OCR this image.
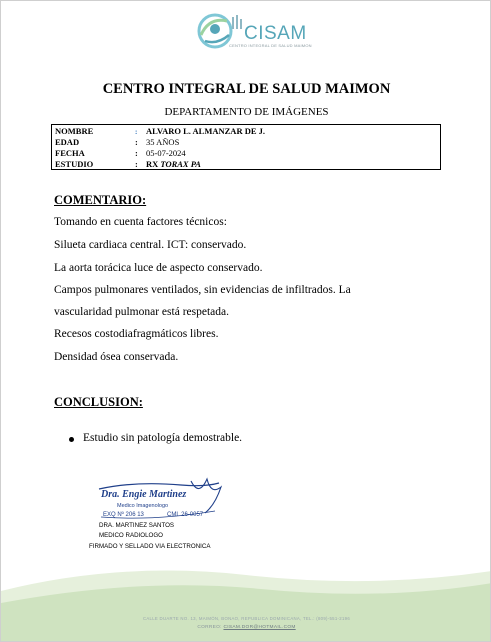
CISAM
CENTRO INTEGRAL DE SALUD MAIMON
CENTRO INTEGRAL DE SALUD MAIMON
DEPARTAMENTO DE IMÁGENES
NOMBRE	: ALVARO L. ALMANZAR DE J.
EDAD	: 35 AÑOS
FECHA	: 05-07-2024
ESTUDIO	: RX TORAX PA
COMENTARIO:
Tomando en cuenta factores técnicos:
Silueta cardiaca central. ICT: conservado.
La aorta torácica luce de aspecto conservado.
Campos pulmonares ventilados, sin evidencias de infiltrados. La
vascularidad pulmonar está respetada.
Recesos costodiafragmáticos libres.
Densidad ósea conservada.
CONCLUSION:
Estudio sin patología demostrable.
Dra. Engie Martinez
Medico Imagenologo
EXQ Nº 206 13	CML 26-0057
DRA. MARTINEZ SANTOS
MEDICO RADIOLOGO
FIRMADO Y SELLADO VIA ELECTRONICA
CALLE DUARTE NO. 13, MAIMÓN, BONAO, REPUBLICA DOMINICANA, TEL.: (809)-551-2196
CORREO: CISAM.DOR@HOTMAIL.COM
